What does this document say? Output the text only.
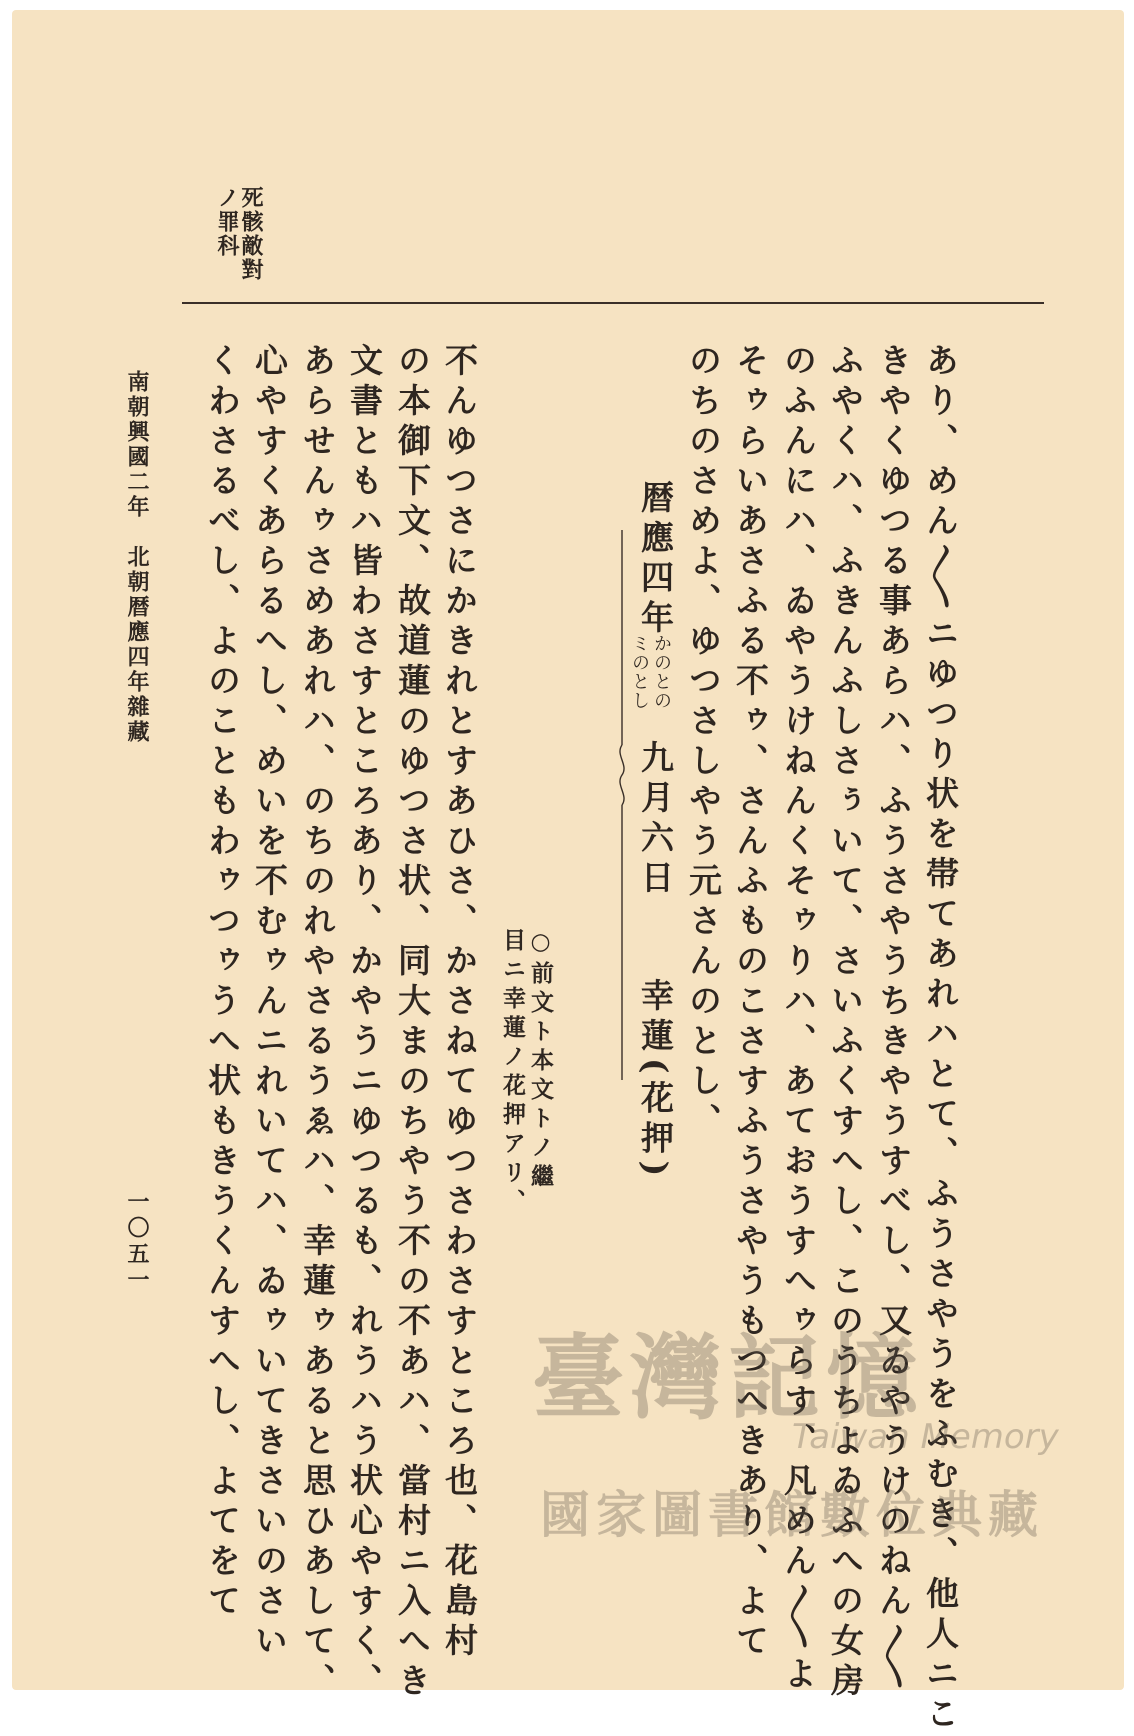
死骸敵對
ノ罪科
あり、めん〳〵ニゆつり状を帯てあれハとて、ふうさやうをふむき、他人ニこ
きやくゆつる事あらハ、ふうさやうちきやうすべし、又ゐやうけのねん〳〵
ふやくハ、ふきんふしさぅいて、さいふくすへし、このうちよゐふへの女房
のふんにハ、ゐやうけねんくそゥりハ、あておうすへゥらす、凡めん〳〵よ
そゥらいあさふる不ゥ、さんふものこさすふうさやうもつへきあり、よて
のちのさめよ、ゆつさしやう元さんのとし、
暦應四年
かのとの
ミのとし
九月六日
幸蓮(花押)
○前文ト本文トノ繼
目ニ幸蓮ノ花押アリ、
不んゆつさにかきれとすあひさ、かさねてゆつさわさすところ也、花島村
の本御下文、故道蓮のゆつさ状、同大まのちやう不の不あハ、當村ニ入へき
文書ともハ皆わさすところあり、かやうニゆつるも、れうハう状心やすく、
あらせんゥさめあれハ、のちのれやさるうゑハ、幸蓮ゥあると思ひあして、
心やすくあらるへし、めいを不むゥんニれいてハ、ゐゥいてきさいのさい
くわさるべし、よのこともわゥつゥうへ状もきうくんすへし、よてをて
南朝興國二年　北朝暦應四年雜藏
一〇五一
臺灣記憶
Taiwan Memory
國家圖書館數位典藏
